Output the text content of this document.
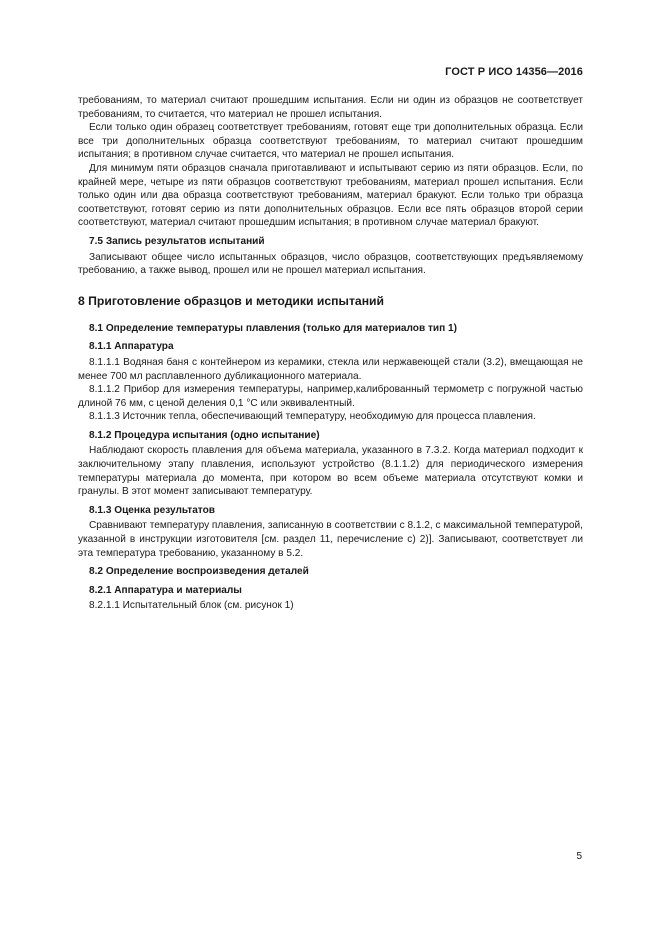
ГОСТ Р ИСО 14356—2016

требованиям, то материал считают прошедшим испытания. Если ни один из образцов не соответствует требованиям, то считается, что материал не прошел испытания.

Если только один образец соответствует требованиям, готовят еще три дополнительных образца. Если все три дополнительных образца соответствуют требованиям, то материал считают прошедшим испытания; в противном случае считается, что материал не прошел испытания.

Для минимум пяти образцов сначала приготавливают и испытывают серию из пяти образцов. Если, по крайней мере, четыре из пяти образцов соответствуют требованиям, материал прошел испытания. Если только один или два образца соответствуют требованиям, материал бракуют. Если только три образца соответствуют, готовят серию из пяти дополнительных образцов. Если все пять образцов второй серии соответствуют, материал считают прошедшим испытания; в противном случае материал бракуют.

7.5 Запись результатов испытаний

Записывают общее число испытанных образцов, число образцов, соответствующих предъявляемому требованию, а также вывод, прошел или не прошел материал испытания.

8 Приготовление образцов и методики испытаний

8.1 Определение температуры плавления (только для материалов тип 1)

8.1.1 Аппаратура

8.1.1.1 Водяная баня с контейнером из керамики, стекла или нержавеющей стали (3.2), вмещающая не менее 700 мл расплавленного дубликационного материала.

8.1.1.2 Прибор для измерения температуры, например,калиброванный термометр с погружной частью длиной 76 мм, с ценой деления 0,1 °С или эквивалентный.

8.1.1.3 Источник тепла, обеспечивающий температуру, необходимую для процесса плавления.

8.1.2 Процедура испытания (одно испытание)

Наблюдают скорость плавления для объема материала, указанного в 7.3.2. Когда материал подходит к заключительному этапу плавления, используют устройство (8.1.1.2) для периодического измерения температуры материала до момента, при котором во всем объеме материала отсутствуют комки и гранулы. В этот момент записывают температуру.

8.1.3 Оценка результатов

Сравнивают температуру плавления, записанную в соответствии с 8.1.2, с максимальной температурой, указанной в инструкции изготовителя [см. раздел 11, перечисление с) 2)]. Записывают, соответствует ли эта температура требованию, указанному в 5.2.

8.2 Определение воспроизведения деталей

8.2.1 Аппаратура и материалы

8.2.1.1 Испытательный блок (см. рисунок 1)

5
